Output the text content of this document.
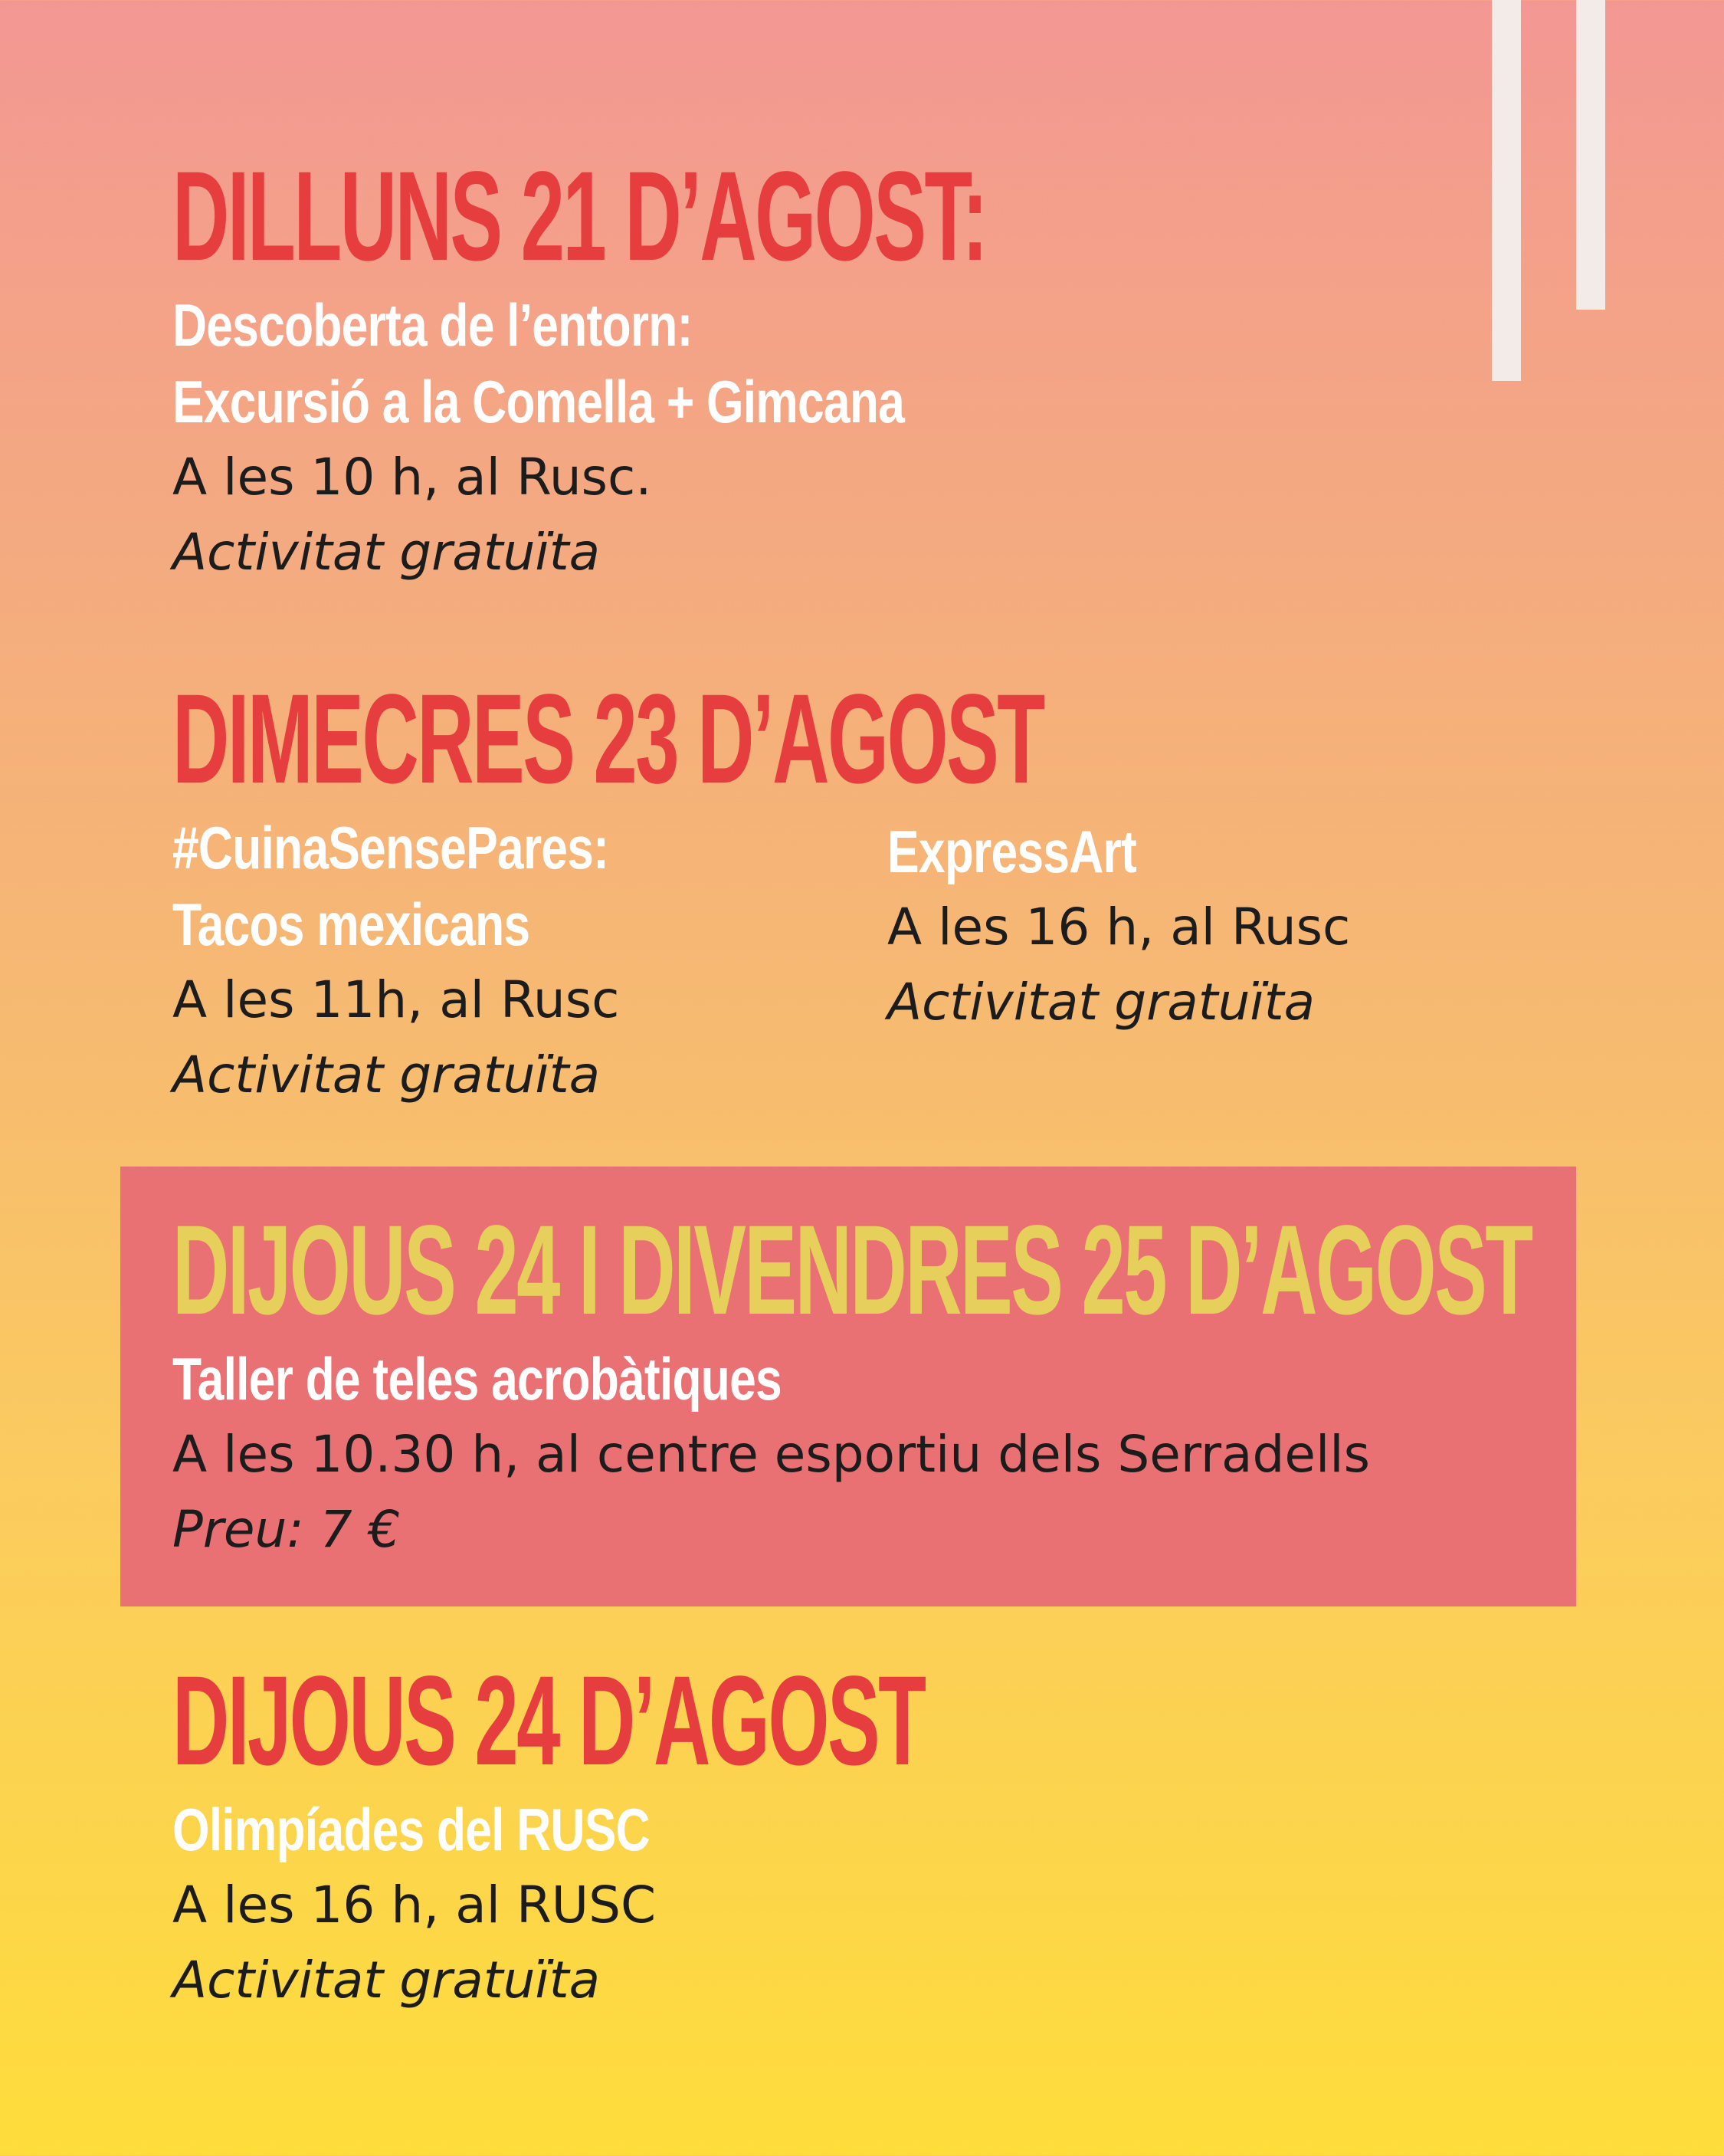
DILLUNS 21 D’AGOST:
Descoberta de l’entorn:
Excursió a la Comella + Gimcana
A les 10 h, al Rusc.
Activitat gratuïta
DIMECRES 23 D’AGOST
#CuinaSensePares:
Tacos mexicans
A les 11h, al Rusc
Activitat gratuïta
ExpressArt
A les 16 h, al Rusc
Activitat gratuïta
DIJOUS 24 I DIVENDRES 25 D’AGOST
Taller de teles acrobàtiques
A les 10.30 h, al centre esportiu dels Serradells
Preu: 7 €
DIJOUS 24 D’AGOST
Olimpíades del RUSC
A les 16 h, al RUSC
Activitat gratuïta
